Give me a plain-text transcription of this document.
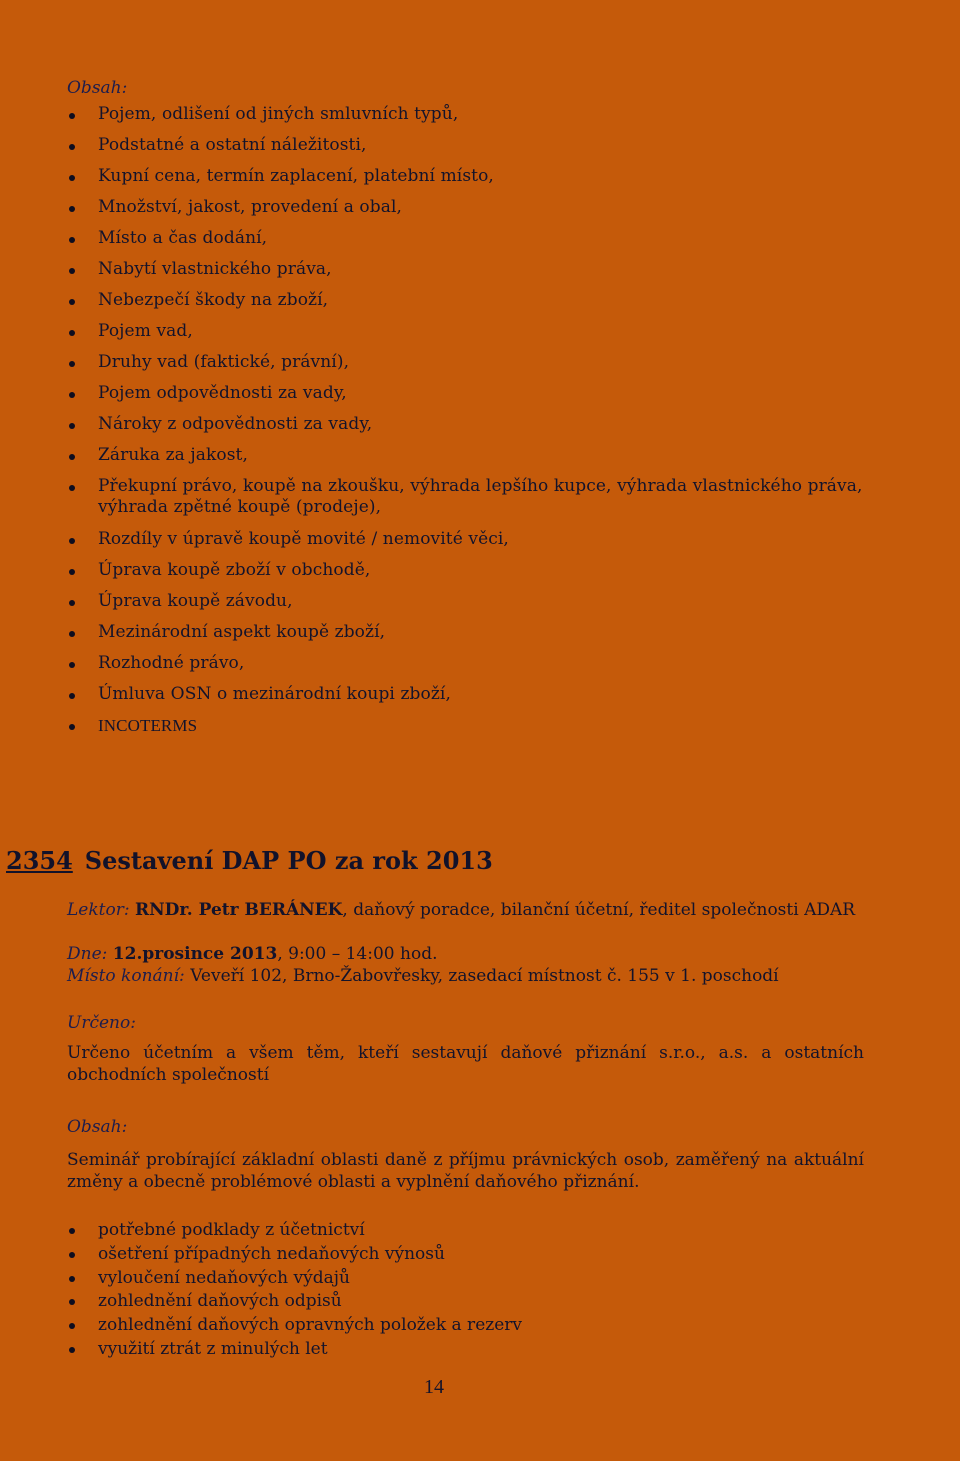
Obsah:
Pojem, odlišení od jiných smluvních typů,
Podstatné a ostatní náležitosti,
Kupní cena, termín zaplacení, platební místo,
Množství, jakost, provedení a obal,
Místo a čas dodání,
Nabytí vlastnického práva,
Nebezpečí škody na zboží,
Pojem vad,
Druhy vad (faktické, právní),
Pojem odpovědnosti za vady,
Nároky z odpovědnosti za vady,
Záruka za jakost,
Překupní právo, koupě na zkoušku, výhrada lepšího kupce, výhrada vlastnického práva, výhrada zpětné koupě (prodeje),
Rozdíly v úpravě koupě movité / nemovité věci,
Úprava koupě zboží v obchodě,
Úprava koupě závodu,
Mezinárodní aspekt koupě zboží,
Rozhodné právo,
Úmluva OSN o mezinárodní koupi zboží,
INCOTERMS
2354 Sestavení DAP PO za rok 2013
Lektor: RNDr. Petr BERÁNEK, daňový poradce, bilanční účetní, ředitel společnosti ADAR
Dne: 12.prosince 2013, 9:00 – 14:00 hod.
Místo konání: Veveří 102, Brno-Žabovřesky, zasedací místnost č. 155 v 1. poschodí
Určeno:
Určeno účetním a všem těm, kteří sestavují daňové přiznání s.r.o., a.s. a ostatních obchodních společností
Obsah:
Seminář probírající základní oblasti daně z příjmu právnických osob, zaměřený na aktuální změny a obecně problémové oblasti a vyplnění daňového přiznání.
potřebné podklady z účetnictví
ošetření případných nedaňových výnosů
vyloučení nedaňových výdajů
zohlednění daňových odpisů
zohlednění daňových opravných položek a rezerv
využití ztrát z minulých let
14
